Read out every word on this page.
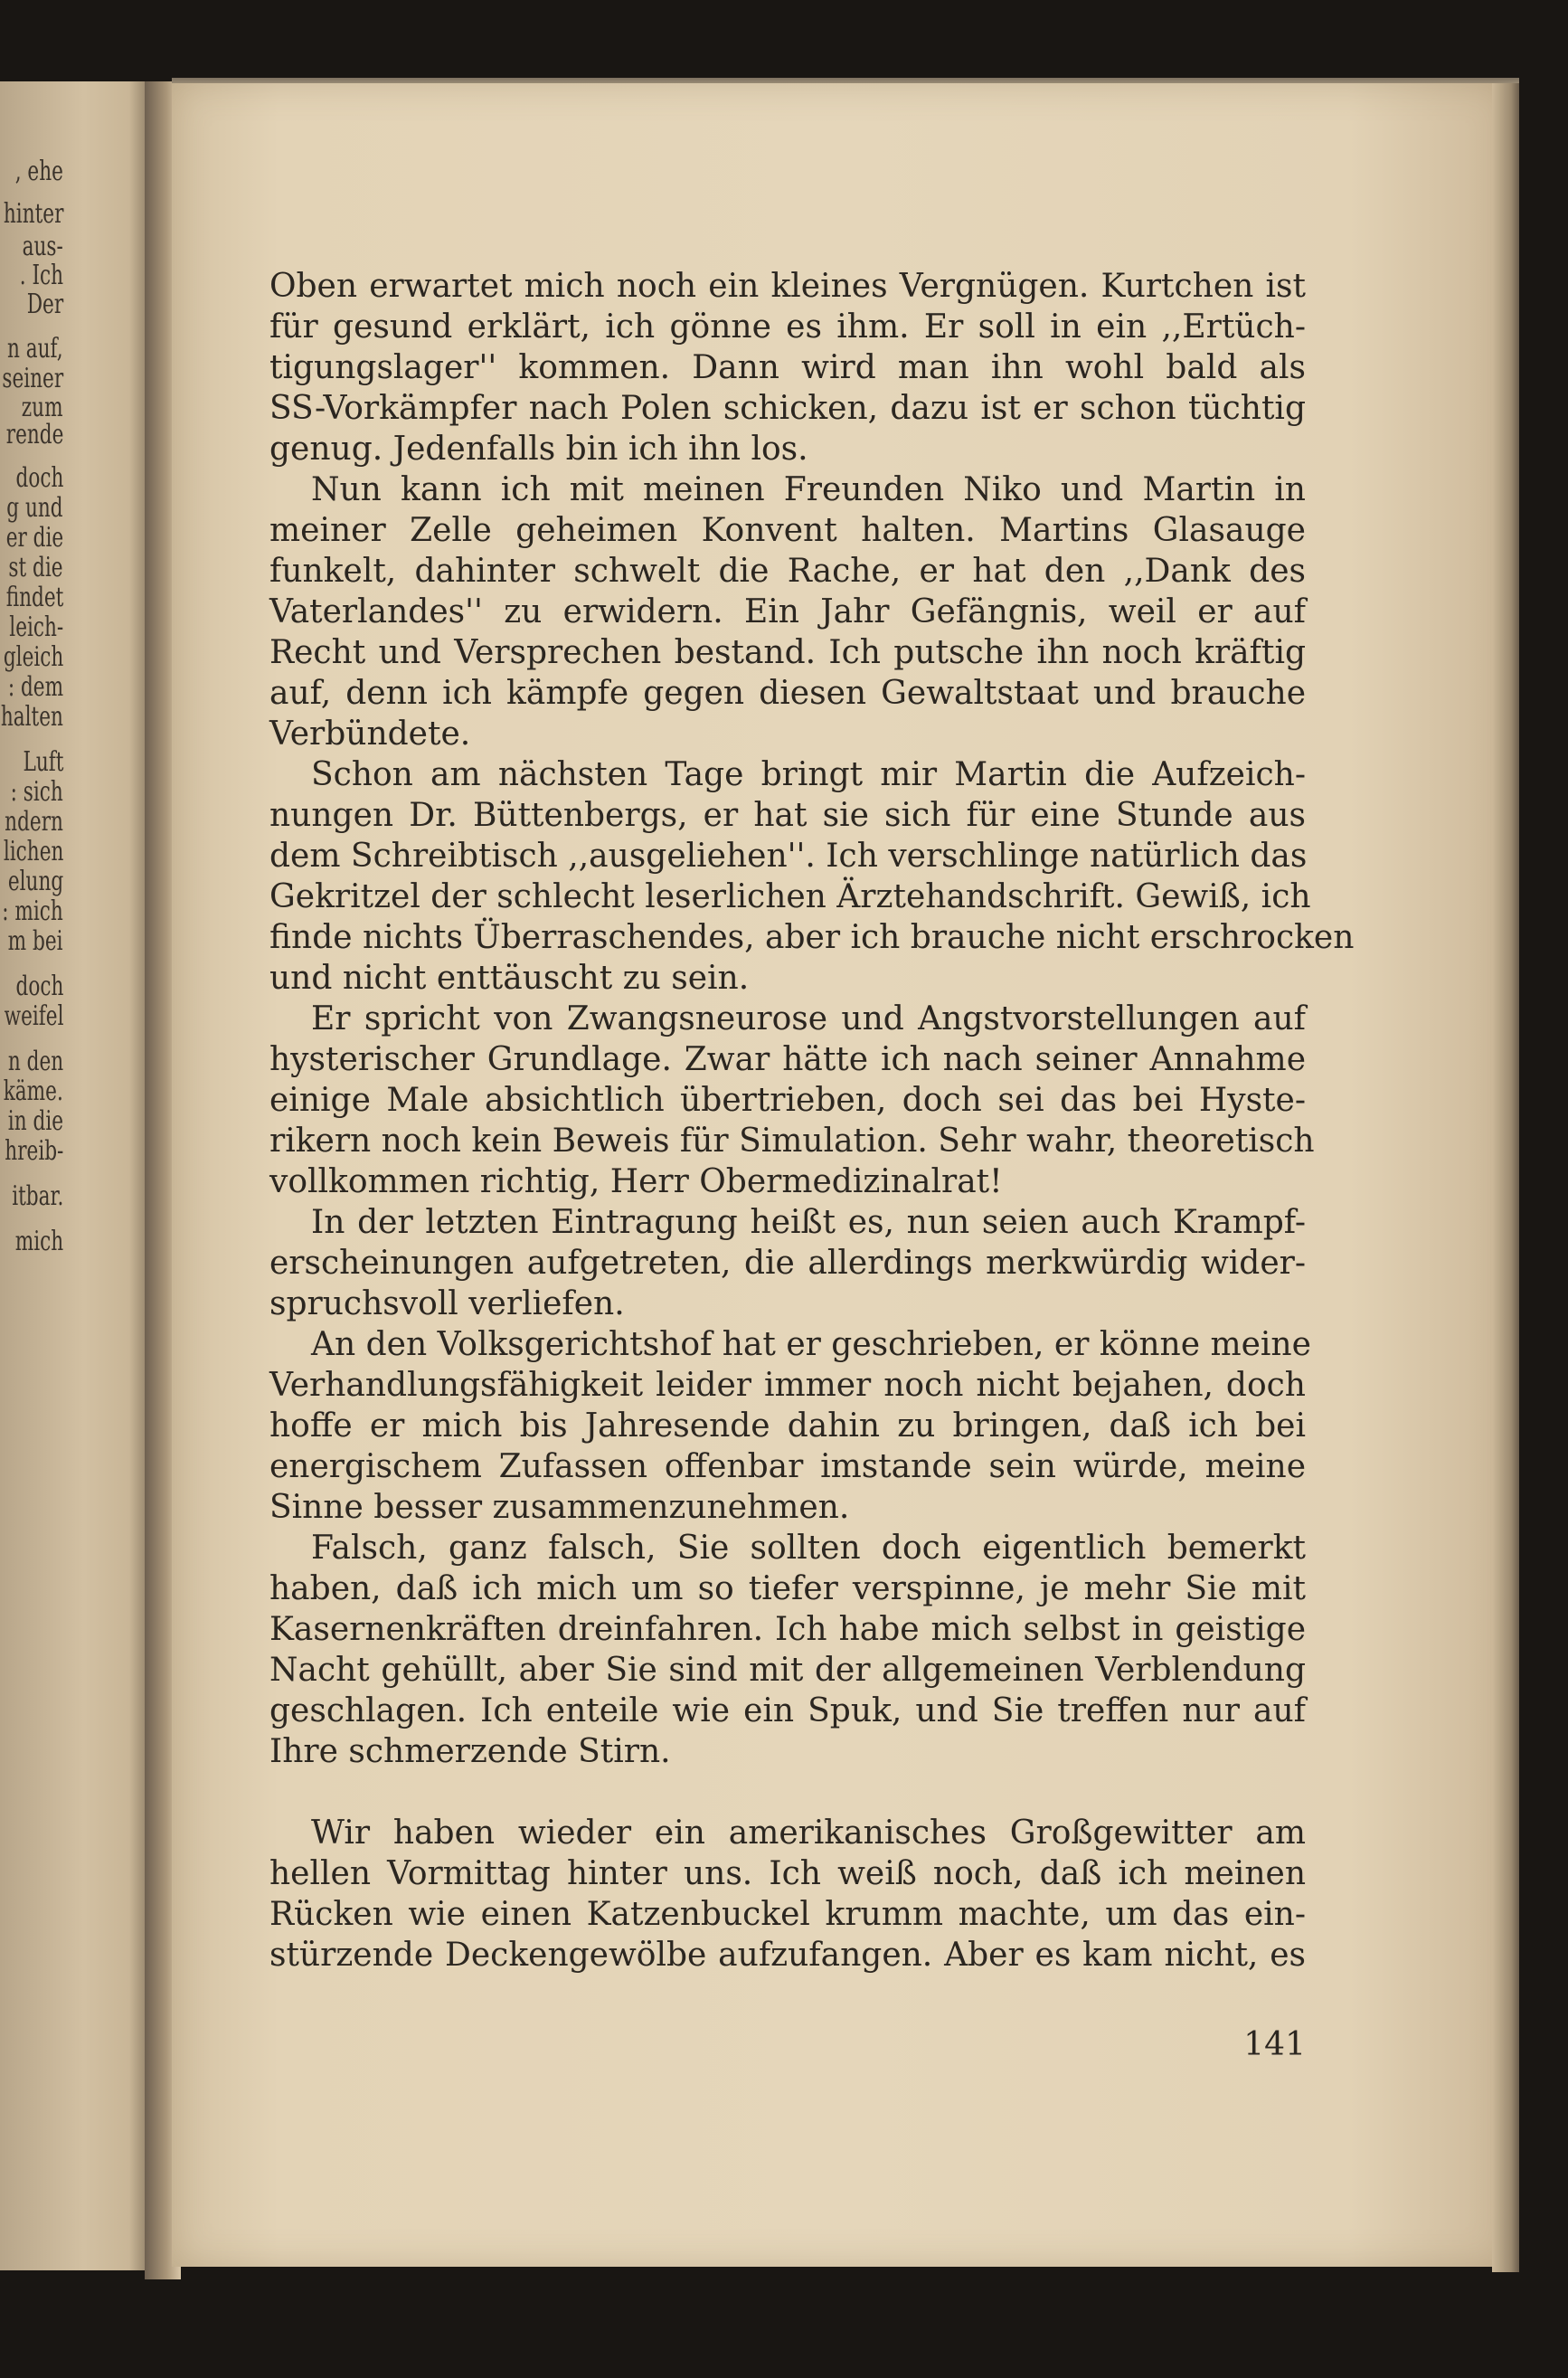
, ehe
hinter
aus-
. Ich
Der
n auf,
seiner
zum
rende
doch
g und
er die
st die
findet
leich-
gleich
: dem
halten
Luft
: sich
ndern
lichen
elung
: mich
m bei
doch
weifel
n den
käme.
in die
hreib-
itbar.
mich

Oben erwartet mich noch ein kleines Vergnügen. Kurtchen ist
für gesund erklärt, ich gönne es ihm. Er soll in ein ,,Ertüch-
tigungslager'' kommen. Dann wird man ihn wohl bald als
SS-Vorkämpfer nach Polen schicken, dazu ist er schon tüchtig
genug. Jedenfalls bin ich ihn los.

Nun kann ich mit meinen Freunden Niko und Martin in
meiner Zelle geheimen Konvent halten. Martins Glasauge
funkelt, dahinter schwelt die Rache, er hat den ,,Dank des
Vaterlandes'' zu erwidern. Ein Jahr Gefängnis, weil er auf
Recht und Versprechen bestand. Ich putsche ihn noch kräftig
auf, denn ich kämpfe gegen diesen Gewaltstaat und brauche
Verbündete.

Schon am nächsten Tage bringt mir Martin die Aufzeich-
nungen Dr. Büttenbergs, er hat sie sich für eine Stunde aus
dem Schreibtisch ,,ausgeliehen''. Ich verschlinge natürlich das
Gekritzel der schlecht leserlichen Ärztehandschrift. Gewiß, ich
finde nichts Überraschendes, aber ich brauche nicht erschrocken
und nicht enttäuscht zu sein.

Er spricht von Zwangsneurose und Angstvorstellungen auf
hysterischer Grundlage. Zwar hätte ich nach seiner Annahme
einige Male absichtlich übertrieben, doch sei das bei Hyste-
rikern noch kein Beweis für Simulation. Sehr wahr, theoretisch
vollkommen richtig, Herr Obermedizinalrat!

In der letzten Eintragung heißt es, nun seien auch Krampf-
erscheinungen aufgetreten, die allerdings merkwürdig wider-
spruchsvoll verliefen.

An den Volksgerichtshof hat er geschrieben, er könne meine
Verhandlungsfähigkeit leider immer noch nicht bejahen, doch
hoffe er mich bis Jahresende dahin zu bringen, daß ich bei
energischem Zufassen offenbar imstande sein würde, meine
Sinne besser zusammenzunehmen.

Falsch, ganz falsch, Sie sollten doch eigentlich bemerkt
haben, daß ich mich um so tiefer verspinne, je mehr Sie mit
Kasernenkräften dreinfahren. Ich habe mich selbst in geistige
Nacht gehüllt, aber Sie sind mit der allgemeinen Verblendung
geschlagen. Ich enteile wie ein Spuk, und Sie treffen nur auf
Ihre schmerzende Stirn.

Wir haben wieder ein amerikanisches Großgewitter am
hellen Vormittag hinter uns. Ich weiß noch, daß ich meinen
Rücken wie einen Katzenbuckel krumm machte, um das ein-
stürzende Deckengewölbe aufzufangen. Aber es kam nicht, es

141
